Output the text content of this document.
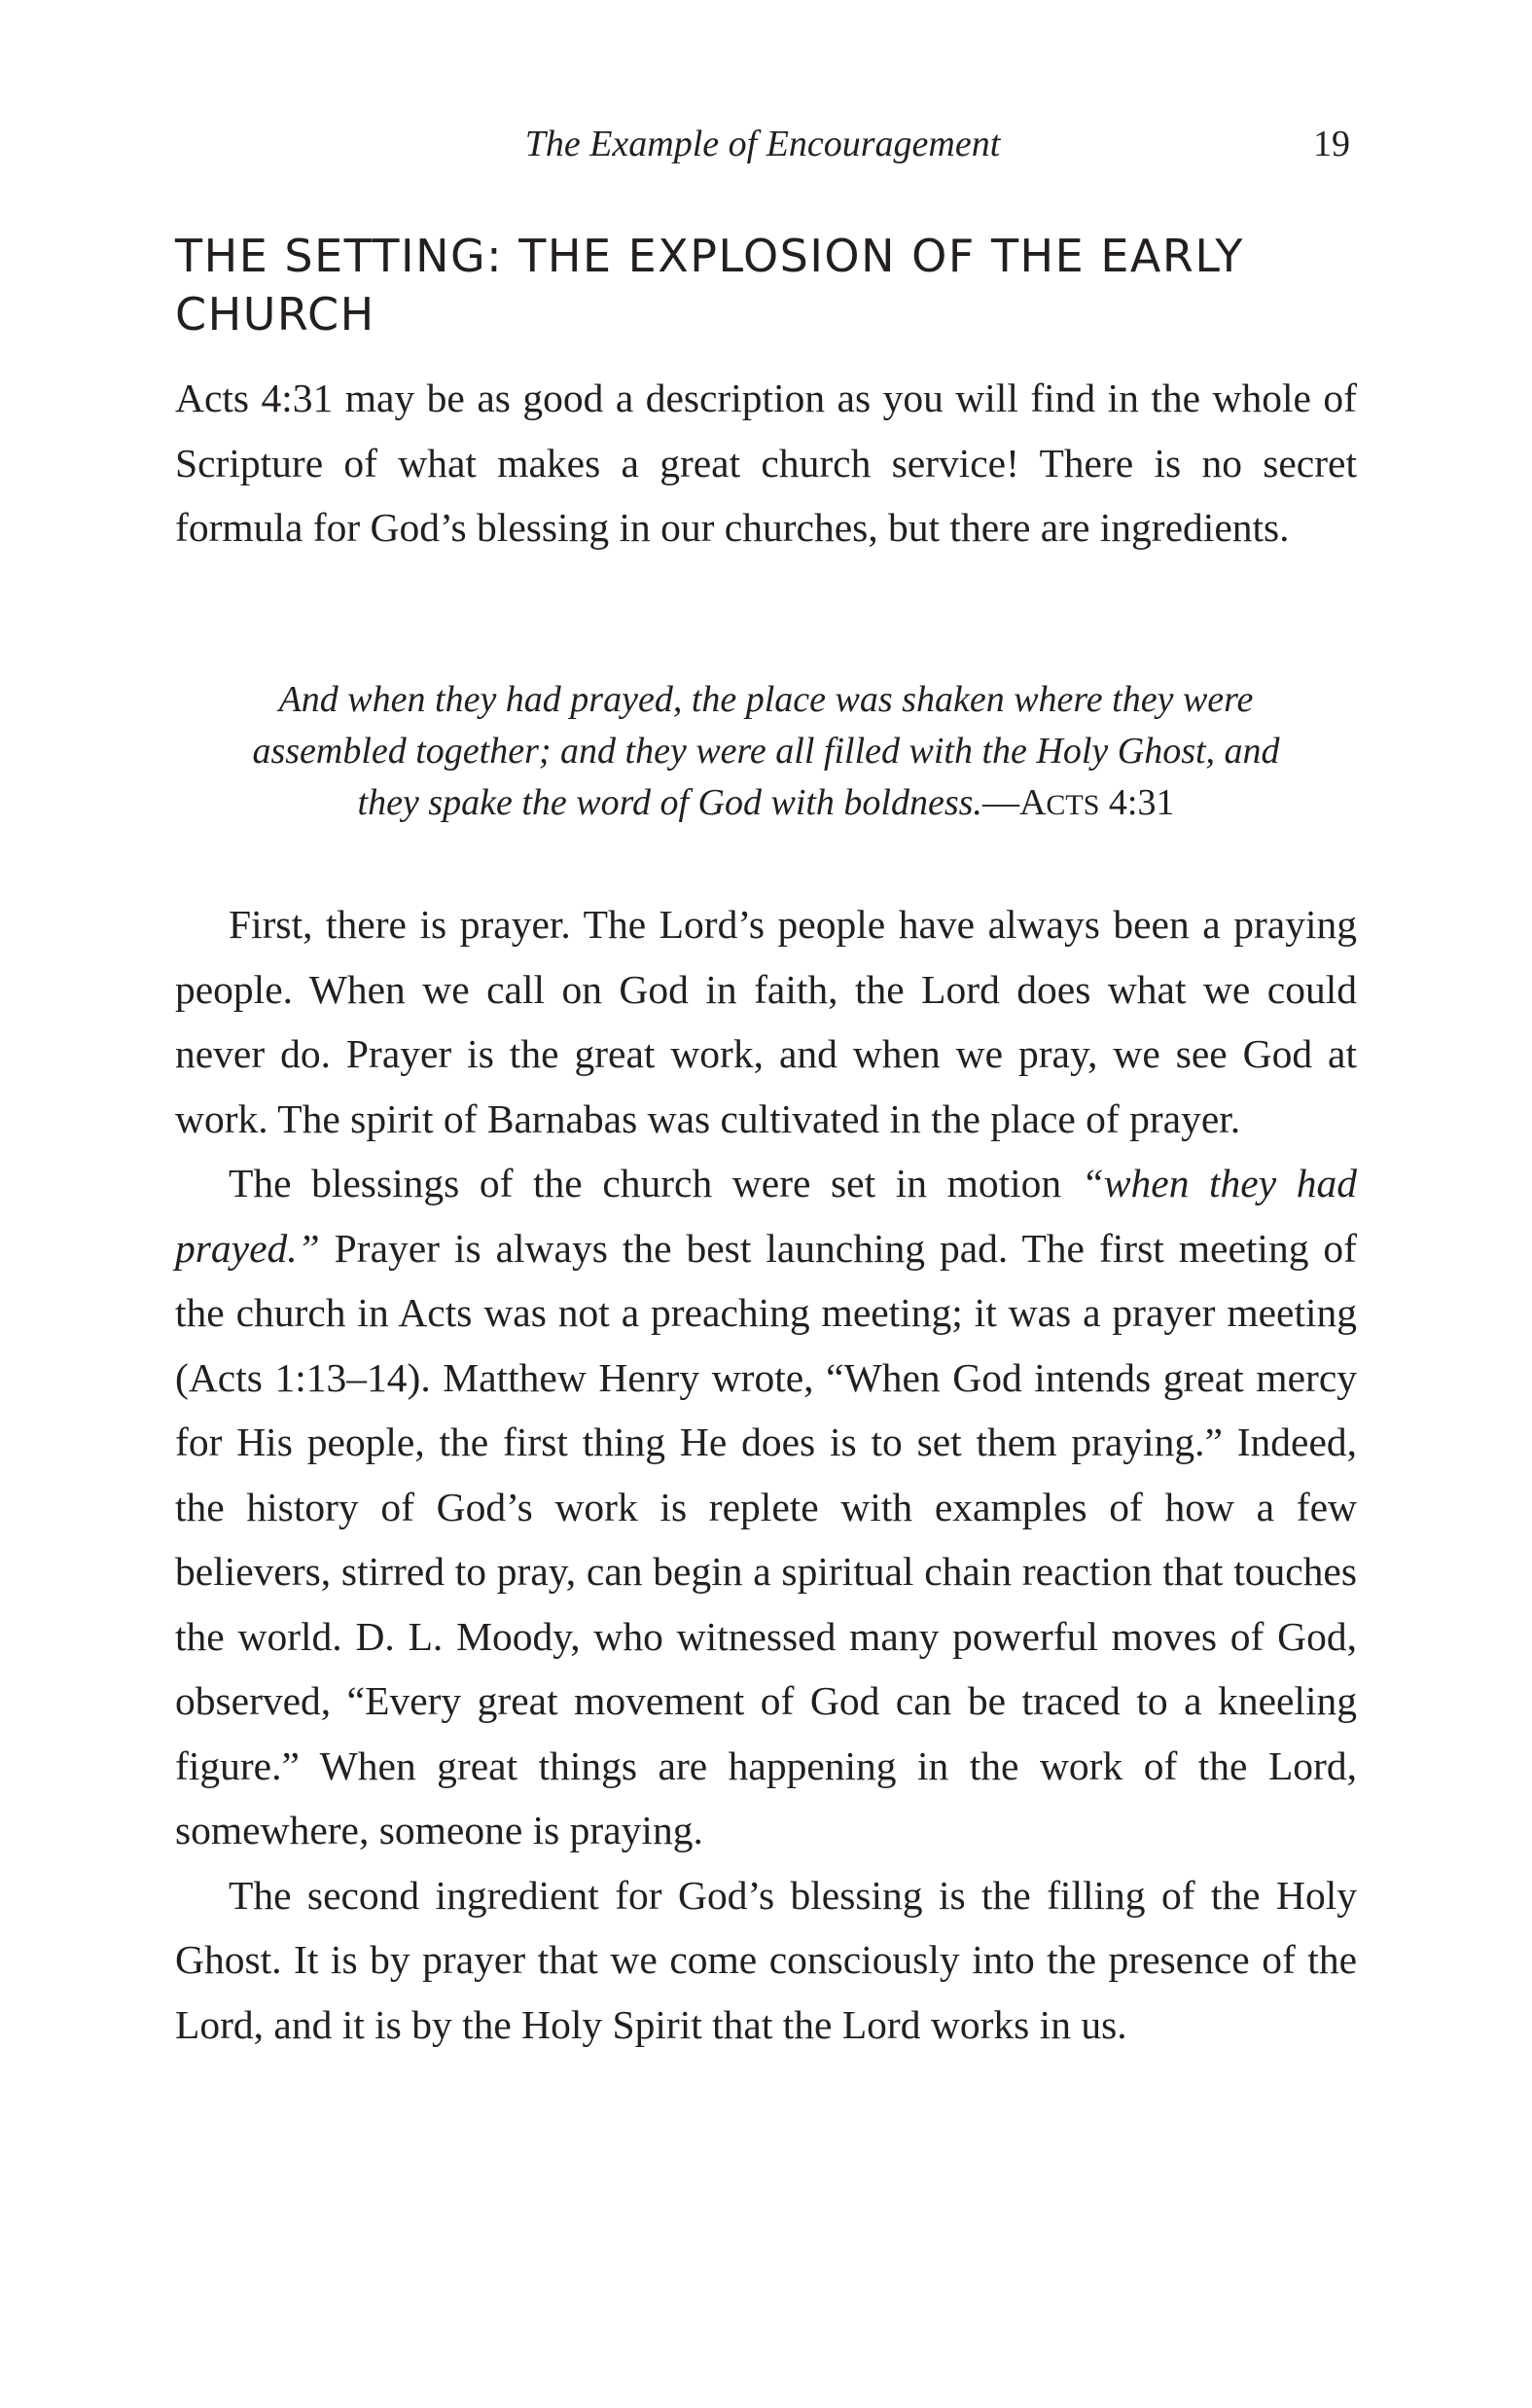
The Example of Encouragement	19
THE SETTING: THE EXPLOSION OF THE EARLY CHURCH

Acts 4:31 may be as good a description as you will find in the whole of Scripture of what makes a great church service! There is no secret formula for God’s blessing in our churches, but there are ingredients.

And when they had prayed, the place was shaken where they were assembled together; and they were all filled with the Holy Ghost, and they spake the word of God with boldness.—ACTS 4:31

First, there is prayer. The Lord’s people have always been a praying people. When we call on God in faith, the Lord does what we could never do. Prayer is the great work, and when we pray, we see God at work. The spirit of Barnabas was cultivated in the place of prayer.

The blessings of the church were set in motion “when they had prayed.” Prayer is always the best launching pad. The first meeting of the church in Acts was not a preaching meeting; it was a prayer meeting (Acts 1:13–14). Matthew Henry wrote, “When God intends great mercy for His people, the first thing He does is to set them praying.” Indeed, the history of God’s work is replete with examples of how a few believers, stirred to pray, can begin a spiritual chain reaction that touches the world. D. L. Moody, who witnessed many powerful moves of God, observed, “Every great movement of God can be traced to a kneeling figure.” When great things are happening in the work of the Lord, somewhere, someone is praying.

The second ingredient for God’s blessing is the filling of the Holy Ghost. It is by prayer that we come consciously into the presence of the Lord, and it is by the Holy Spirit that the Lord works in us.
